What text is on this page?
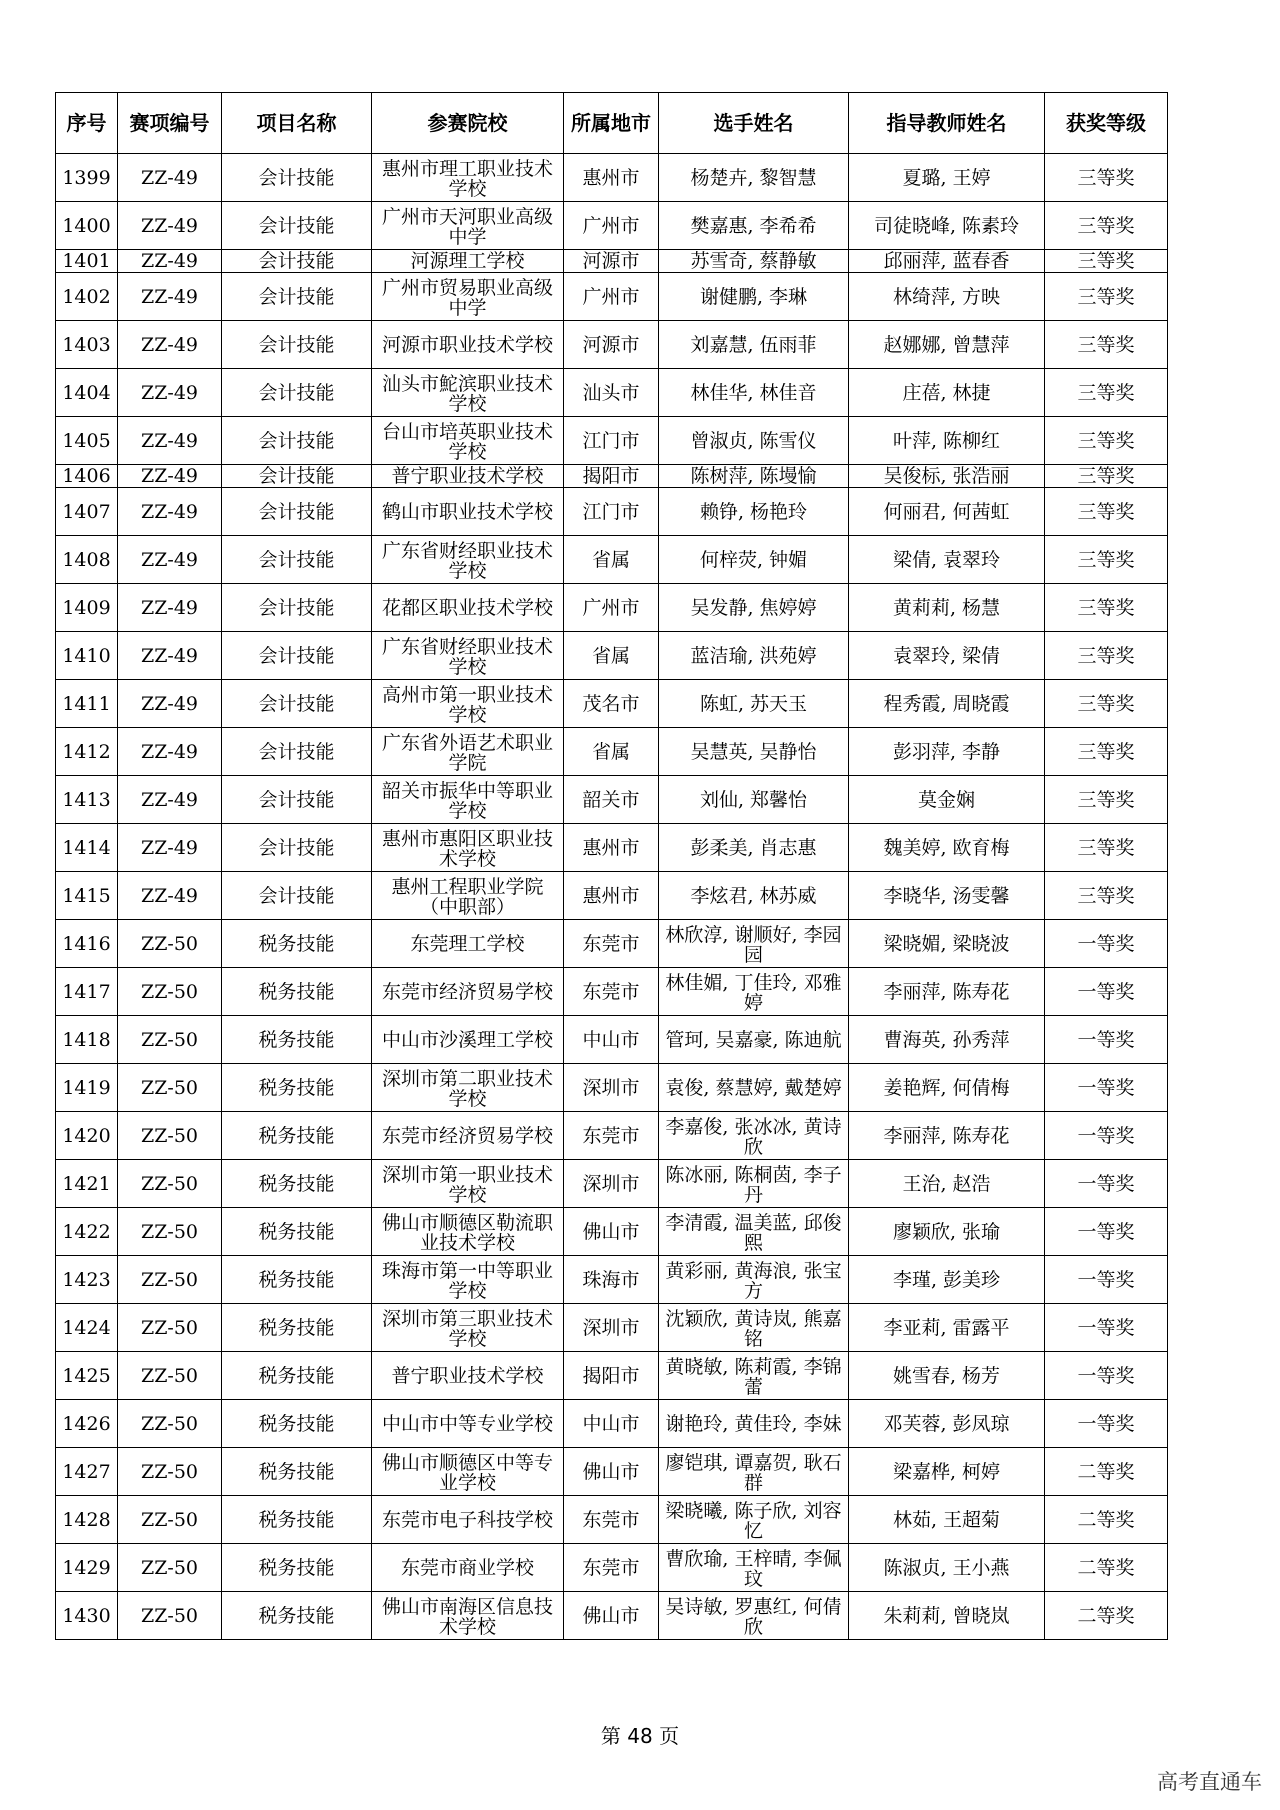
序号	赛项编号	项目名称	参赛院校	所属地市	选手姓名	指导教师姓名	获奖等级

1399	ZZ-49	会计技能	惠州市理工职业技术学校	惠州市	杨楚卉, 黎智慧	夏璐, 王婷	三等奖

1400	ZZ-49	会计技能	广州市天河职业高级中学	广州市	樊嘉惠, 李希希	司徒晓峰, 陈素玲	三等奖

1401	ZZ-49	会计技能	河源理工学校	河源市	苏雪奇, 蔡静敏	邱丽萍, 蓝春香	三等奖

1402	ZZ-49	会计技能	广州市贸易职业高级中学	广州市	谢健鹏, 李琳	林绮萍, 方映	三等奖

1403	ZZ-49	会计技能	河源市职业技术学校	河源市	刘嘉慧, 伍雨菲	赵娜娜, 曾慧萍	三等奖

1404	ZZ-49	会计技能	汕头市鮀滨职业技术学校	汕头市	林佳华, 林佳音	庄蓓, 林捷	三等奖

1405	ZZ-49	会计技能	台山市培英职业技术学校	江门市	曾淑贞, 陈雪仪	叶萍, 陈柳红	三等奖

1406	ZZ-49	会计技能	普宁职业技术学校	揭阳市	陈树萍, 陈墁愉	吴俊标, 张浩丽	三等奖

1407	ZZ-49	会计技能	鹤山市职业技术学校	江门市	赖铮, 杨艳玲	何丽君, 何茜虹	三等奖

1408	ZZ-49	会计技能	广东省财经职业技术学校	省属	何梓荧, 钟媚	梁倩, 袁翠玲	三等奖

1409	ZZ-49	会计技能	花都区职业技术学校	广州市	吴发静, 焦婷婷	黄莉莉, 杨慧	三等奖

1410	ZZ-49	会计技能	广东省财经职业技术学校	省属	蓝洁瑜, 洪苑婷	袁翠玲, 梁倩	三等奖

1411	ZZ-49	会计技能	高州市第一职业技术学校	茂名市	陈虹, 苏天玉	程秀霞, 周晓霞	三等奖

1412	ZZ-49	会计技能	广东省外语艺术职业学院	省属	吴慧英, 吴静怡	彭羽萍, 李静	三等奖

1413	ZZ-49	会计技能	韶关市振华中等职业学校	韶关市	刘仙, 郑馨怡	莫金娴	三等奖

1414	ZZ-49	会计技能	惠州市惠阳区职业技术学校	惠州市	彭柔美, 肖志惠	魏美婷, 欧育梅	三等奖

1415	ZZ-49	会计技能	惠州工程职业学院（中职部）	惠州市	李炫君, 林苏威	李晓华, 汤雯馨	三等奖

1416	ZZ-50	税务技能	东莞理工学校	东莞市	林欣淳, 谢顺好, 李园园	梁晓媚, 梁晓波	一等奖

1417	ZZ-50	税务技能	东莞市经济贸易学校	东莞市	林佳媚, 丁佳玲, 邓雅婷	李丽萍, 陈寿花	一等奖

1418	ZZ-50	税务技能	中山市沙溪理工学校	中山市	管珂, 吴嘉豪, 陈迪航	曹海英, 孙秀萍	一等奖

1419	ZZ-50	税务技能	深圳市第二职业技术学校	深圳市	袁俊, 蔡慧婷, 戴楚婷	姜艳辉, 何倩梅	一等奖

1420	ZZ-50	税务技能	东莞市经济贸易学校	东莞市	李嘉俊, 张冰冰, 黄诗欣	李丽萍, 陈寿花	一等奖

1421	ZZ-50	税务技能	深圳市第一职业技术学校	深圳市	陈冰丽, 陈桐茵, 李子丹	王治, 赵浩	一等奖

1422	ZZ-50	税务技能	佛山市顺德区勒流职业技术学校	佛山市	李清霞, 温美蓝, 邱俊熙	廖颖欣, 张瑜	一等奖

1423	ZZ-50	税务技能	珠海市第一中等职业学校	珠海市	黄彩丽, 黄海浪, 张宝方	李瑾, 彭美珍	一等奖

1424	ZZ-50	税务技能	深圳市第三职业技术学校	深圳市	沈颖欣, 黄诗岚, 熊嘉铭	李亚莉, 雷露平	一等奖

1425	ZZ-50	税务技能	普宁职业技术学校	揭阳市	黄晓敏, 陈莉霞, 李锦蕾	姚雪春, 杨芳	一等奖

1426	ZZ-50	税务技能	中山市中等专业学校	中山市	谢艳玲, 黄佳玲, 李妹	邓芙蓉, 彭凤琼	一等奖

1427	ZZ-50	税务技能	佛山市顺德区中等专业学校	佛山市	廖铠琪, 谭嘉贺, 耿石群	梁嘉桦, 柯婷	二等奖

1428	ZZ-50	税务技能	东莞市电子科技学校	东莞市	梁晓曦, 陈子欣, 刘容忆	林茹, 王超菊	二等奖

1429	ZZ-50	税务技能	东莞市商业学校	东莞市	曹欣瑜, 王梓晴, 李佩玟	陈淑贞, 王小燕	二等奖

1430	ZZ-50	税务技能	佛山市南海区信息技术学校	佛山市	吴诗敏, 罗惠红, 何倩欣	朱莉莉, 曾晓岚	二等奖
第 48 页
高考直通车
